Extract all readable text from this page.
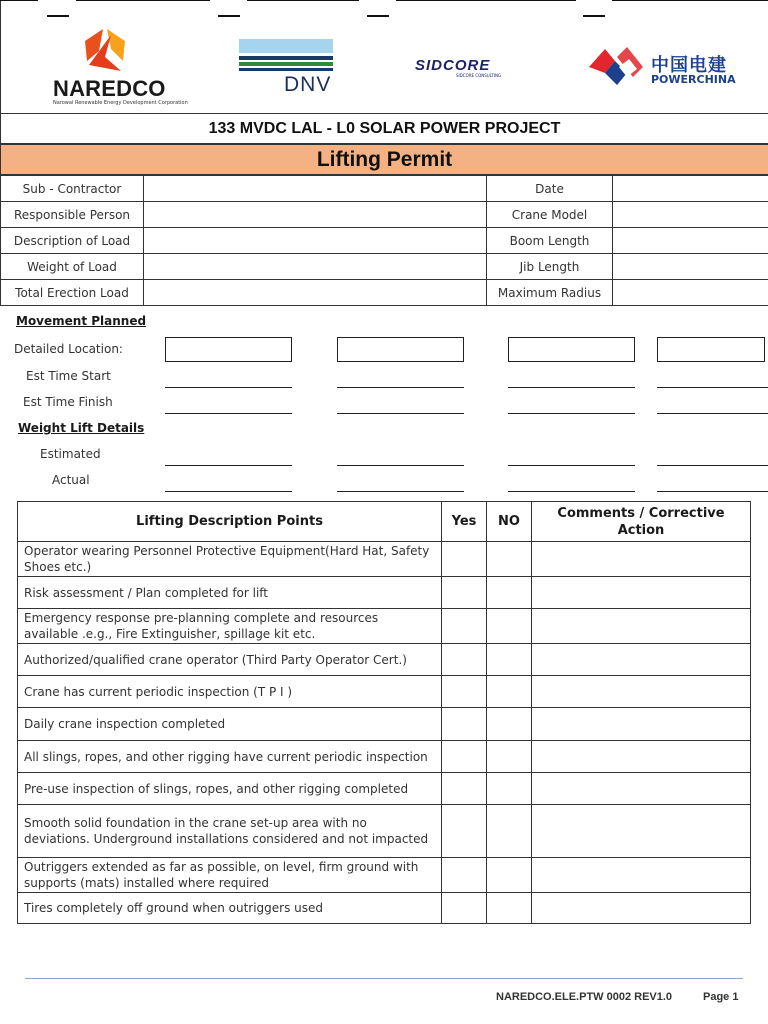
NAREDCO
Narowal Renewable Energy Development Corporation
DNV
SIDCORE
SIDCORE CONSULTING	中国电建
POWERCHINA
133 MVDC LAL - L0 SOLAR POWER PROJECT
Lifting Permit
Sub - Contractor		Date	
Responsible Person		Crane Model	
Description of Load		Boom Length	
Weight of Load		Jib Length	
Total Erection Load		Maximum Radius	
Movement Planned
Detailed Location:
Est Time Start
Est Time Finish
Weight Lift Details
Estimated
Actual
Lifting Description Points	Yes	NO	Comments / Corrective Action
Operator wearing Personnel Protective Equipment(Hard Hat, Safety Shoes etc.)			
Risk assessment / Plan completed for lift			
Emergency response pre-planning complete and resources available .e.g., Fire Extinguisher, spillage kit etc.			
Authorized/qualified crane operator (Third Party Operator Cert.)			
Crane has current periodic inspection (T P I )			
Daily crane inspection completed			
All slings, ropes, and other rigging have current periodic inspection			
Pre-use inspection of slings, ropes, and other rigging completed			
Smooth solid foundation in the crane set-up area with no deviations. Underground installations considered and not impacted			
Outriggers extended as far as possible, on level, firm ground with supports (mats) installed where required			
Tires completely off ground when outriggers used			
NAREDCO.ELE.PTW 0002 REV1.0	Page 1
